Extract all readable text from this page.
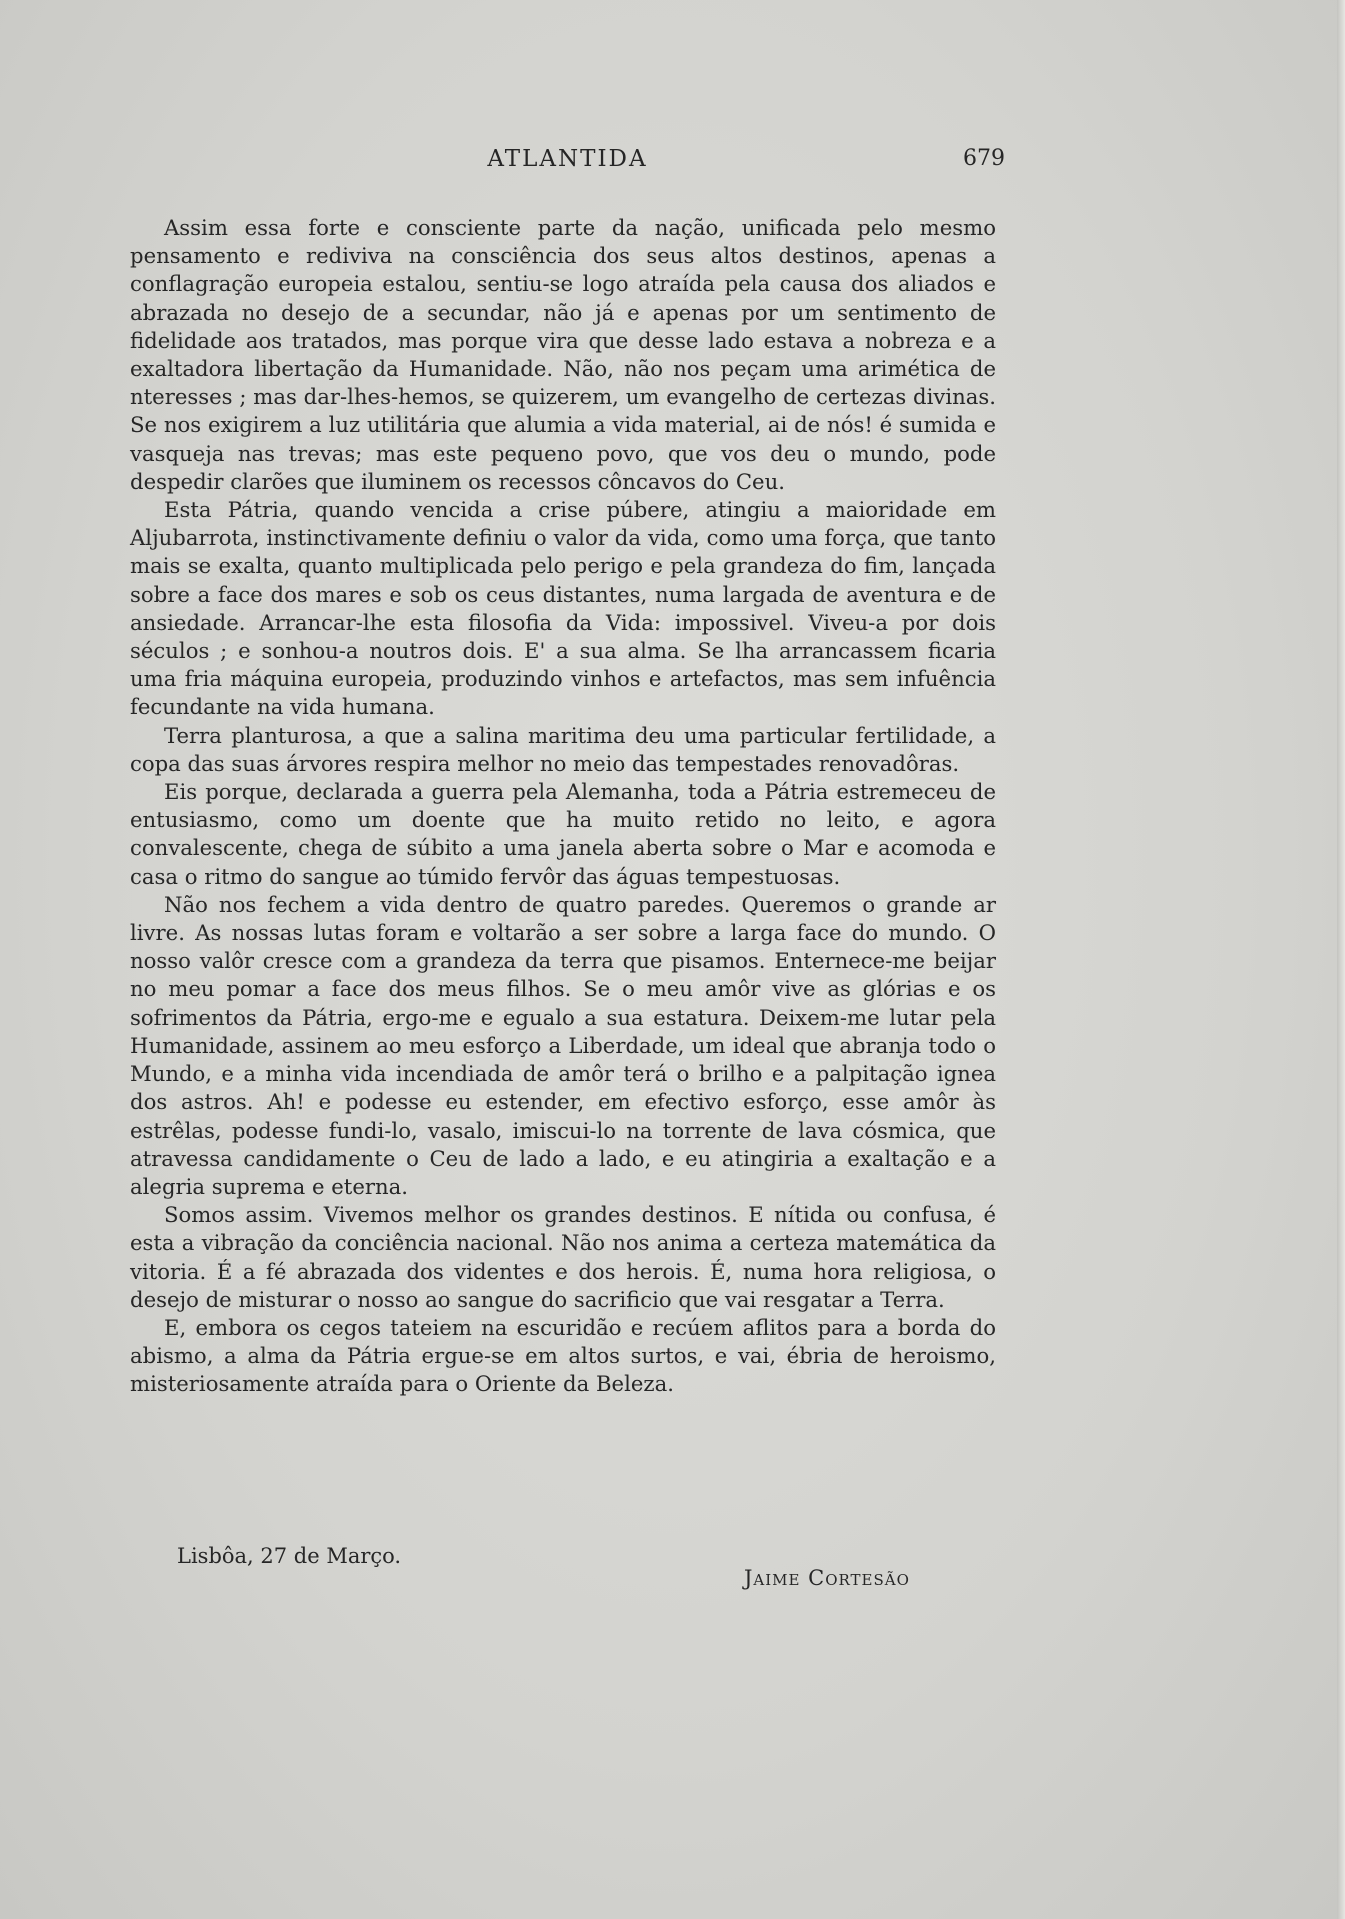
ATLANTIDA	679

Assim essa forte e consciente parte da nação, unificada pelo mesmo pensamento e rediviva na consciência dos seus altos destinos, apenas a conflagração europeia estalou, sentiu-se logo atraída pela causa dos aliados e abrazada no desejo de a secundar, não já e apenas por um sentimento de fidelidade aos tratados, mas porque vira que desse lado estava a nobreza e a exaltadora libertação da Humanidade. Não, não nos peçam uma arimética de nteresses ; mas dar-lhes-hemos, se quizerem, um evangelho de certezas divinas. Se nos exigirem a luz utilitária que alumia a vida material, ai de nós! é sumida e vasqueja nas trevas; mas este pequeno povo, que vos deu o mundo, pode despedir clarões que iluminem os recessos côncavos do Ceu.

Esta Pátria, quando vencida a crise púbere, atingiu a maioridade em Aljubarrota, instinctivamente definiu o valor da vida, como uma força, que tanto mais se exalta, quanto multiplicada pelo perigo e pela grandeza do fim, lançada sobre a face dos mares e sob os ceus distantes, numa largada de aventura e de ansiedade. Arrancar-lhe esta filosofia da Vida: impossivel. Viveu-a por dois séculos ; e sonhou-a noutros dois. E' a sua alma. Se lha arrancassem ficaria uma fria máquina europeia, produzindo vinhos e artefactos, mas sem infuência fecundante na vida humana.

Terra planturosa, a que a salina maritima deu uma particular fertilidade, a copa das suas árvores respira melhor no meio das tempestades renovadôras.

Eis porque, declarada a guerra pela Alemanha, toda a Pátria estremeceu de entusiasmo, como um doente que ha muito retido no leito, e agora convalescente, chega de súbito a uma janela aberta sobre o Mar e acomoda e casa o ritmo do sangue ao túmido fervôr das águas tempestuosas.

Não nos fechem a vida dentro de quatro paredes. Queremos o grande ar livre. As nossas lutas foram e voltarão a ser sobre a larga face do mundo. O nosso valôr cresce com a grandeza da terra que pisamos. Enternece-me beijar no meu pomar a face dos meus filhos. Se o meu amôr vive as glórias e os sofrimentos da Pátria, ergo-me e egualo a sua estatura. Deixem-me lutar pela Humanidade, assinem ao meu esforço a Liberdade, um ideal que abranja todo o Mundo, e a minha vida incendiada de amôr terá o brilho e a palpitação ignea dos astros. Ah! e podesse eu estender, em efectivo esforço, esse amôr às estrêlas, podesse fundi-lo, vasalo, imiscui-lo na torrente de lava cósmica, que atravessa candidamente o Ceu de lado a lado, e eu atingiria a exaltação e a alegria suprema e eterna.

Somos assim. Vivemos melhor os grandes destinos. E nítida ou confusa, é esta a vibração da conciência nacional. Não nos anima a certeza matemática da vitoria. É a fé abrazada dos videntes e dos herois. É, numa hora religiosa, o desejo de misturar o nosso ao sangue do sacrificio que vai resgatar a Terra.

E, embora os cegos tateiem na escuridão e recúem aflitos para a borda do abismo, a alma da Pátria ergue-se em altos surtos, e vai, ébria de heroismo, misteriosamente atraída para o Oriente da Beleza.

Lisbôa, 27 de Março.
Jaime Cortesão
